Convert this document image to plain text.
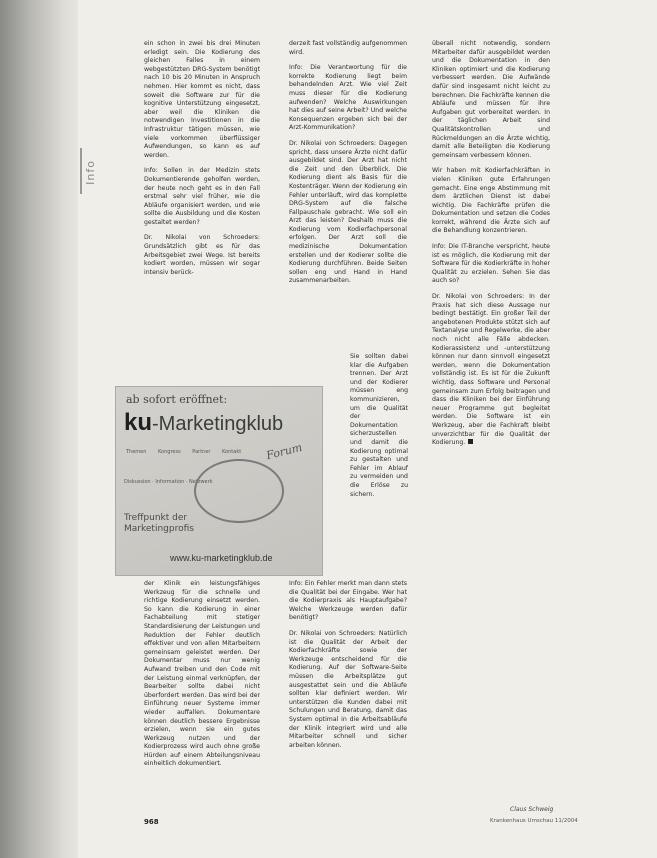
Info

ein schon in zwei bis drei Minuten erledigt sein. Die Kodierung des gleichen Falles in einem webgestützten DRG-System benötigt nach 10 bis 20 Minuten in Anspruch nehmen. Hier kommt es nicht, dass soweit die Software zur für die kognitive Unterstützung eingesetzt, aber weil die Kliniken die notwendigen Investitionen in die Infrastruktur tätigen müssen, wie viele vorkommen überflüssiger Aufwendungen, so kann es auf werden.

Info: Sollen in der Medizin stets Dokumentierende geholfen werden, der heute noch geht es in den Fall erstmal sehr viel früher, wie die Abläufe organisiert werden, und wie sollte die Ausbildung und die Kosten gestaltet werden?

Dr. Nikolai von Schroeders: Grundsätzlich gibt es für das Arbeitsgebiet zwei Wege. Ist bereits kodiert worden, müssen wir sogar intensiv berück-

ab sofort eröffnet:
ku-Marketingklub
Forum
Themen Kongress Partner Kontakt
Diskussion · Information · Netzwerk
Treffpunkt der
Marketingprofis
www.ku-marketingklub.de

der Klinik ein leistungsfähiges Werkzeug für die schnelle und richtige Kodierung einsetzt werden. So kann die Kodierung in einer Fachabteilung mit stetiger Standardisierung der Leistungen und Reduktion der Fehler deutlich effektiver und von allen Mitarbeitern gemeinsam geleistet werden. Der Dokumentar muss nur wenig Aufwand treiben und den Code mit der Leistung einmal verknüpfen, der Bearbeiter sollte dabei nicht überfordert werden. Das wird bei der Einführung neuer Systeme immer wieder auffallen. Dokumentare können deutlich bessere Ergebnisse erzielen, wenn sie ein gutes Werkzeug nutzen und der Kodierprozess wird auch ohne große Hürden auf einem Abteilungsniveau einheitlich dokumentiert.

derzeit fast vollständig aufgenommen wird.

Info: Die Verantwortung für die korrekte Kodierung liegt beim behandelnden Arzt. Wie viel Zeit muss dieser für die Kodierung aufwenden? Welche Auswirkungen hat dies auf seine Arbeit? Und welche Konsequenzen ergeben sich bei der Arzt-Kommunikation?

Dr. Nikolai von Schroeders: Dagegen spricht, dass unsere Ärzte nicht dafür ausgebildet sind. Der Arzt hat nicht die Zeit und den Überblick. Die Kodierung dient als Basis für die Kostenträger. Wenn der Kodierung ein Fehler unterläuft, wird das komplette DRG-System auf die falsche Fallpauschale gebracht. Wie soll ein Arzt das leisten? Deshalb muss die Kodierung vom Kodierfachpersonal erfolgen. Der Arzt soll die medizinische Dokumentation erstellen und der Kodierer sollte die Kodierung durchführen. Beide Seiten sollen eng und Hand in Hand zusammenarbeiten.

Sie sollten dabei klar die Aufgaben trennen. Der Arzt und der Kodierer müssen eng kommunizieren, um die Qualität der Dokumentation sicherzustellen und damit die Kodierung optimal zu gestalten und Fehler im Ablauf zu vermeiden und die Erlöse zu sichern.

Info: Ein Fehler merkt man dann stets die Qualität bei der Eingabe. Wer hat die Kodierpraxis als Hauptaufgabe? Welche Werkzeuge werden dafür benötigt?

Dr. Nikolai von Schroeders: Natürlich ist die Qualität der Arbeit der Kodierfachkräfte sowie der Werkzeuge entscheidend für die Kodierung. Auf der Software-Seite müssen die Arbeitsplätze gut ausgestattet sein und die Abläufe sollten klar definiert werden. Wir unterstützen die Kunden dabei mit Schulungen und Beratung, damit das System optimal in die Arbeitsabläufe der Klinik integriert wird und alle Mitarbeiter schnell und sicher arbeiten können.

überall nicht notwendig, sondern Mitarbeiter dafür ausgebildet werden und die Dokumentation in den Kliniken optimiert und die Kodierung verbessert werden. Die Aufwände dafür sind insgesamt nicht leicht zu berechnen. Die Fachkräfte kennen die Abläufe und müssen für ihre Aufgaben gut vorbereitet werden. In der täglichen Arbeit sind Qualitätskontrollen und Rückmeldungen an die Ärzte wichtig, damit alle Beteiligten die Kodierung gemeinsam verbessern können.

Wir haben mit Kodierfachkräften in vielen Kliniken gute Erfahrungen gemacht. Eine enge Abstimmung mit dem ärztlichen Dienst ist dabei wichtig. Die Fachkräfte prüfen die Dokumentation und setzen die Codes korrekt, während die Ärzte sich auf die Behandlung konzentrieren.

Info: Die IT-Branche verspricht, heute ist es möglich, die Kodierung mit der Software für die Kodierkräfte in hoher Qualität zu erzielen. Sehen Sie das auch so?

Dr. Nikolai von Schroeders: In der Praxis hat sich diese Aussage nur bedingt bestätigt. Ein großer Teil der angebotenen Produkte stützt sich auf Textanalyse und Regelwerke, die aber noch nicht alle Fälle abdecken. Kodierassistenz und -unterstützung können nur dann sinnvoll eingesetzt werden, wenn die Dokumentation vollständig ist. Es ist für die Zukunft wichtig, dass Software und Personal gemeinsam zum Erfolg beitragen und dass die Kliniken bei der Einführung neuer Programme gut begleitet werden. Die Software ist ein Werkzeug, aber die Fachkraft bleibt unverzichtbar für die Qualität der Kodierung.

Claus Schweig
968	Krankenhaus Umschau 11/2004
